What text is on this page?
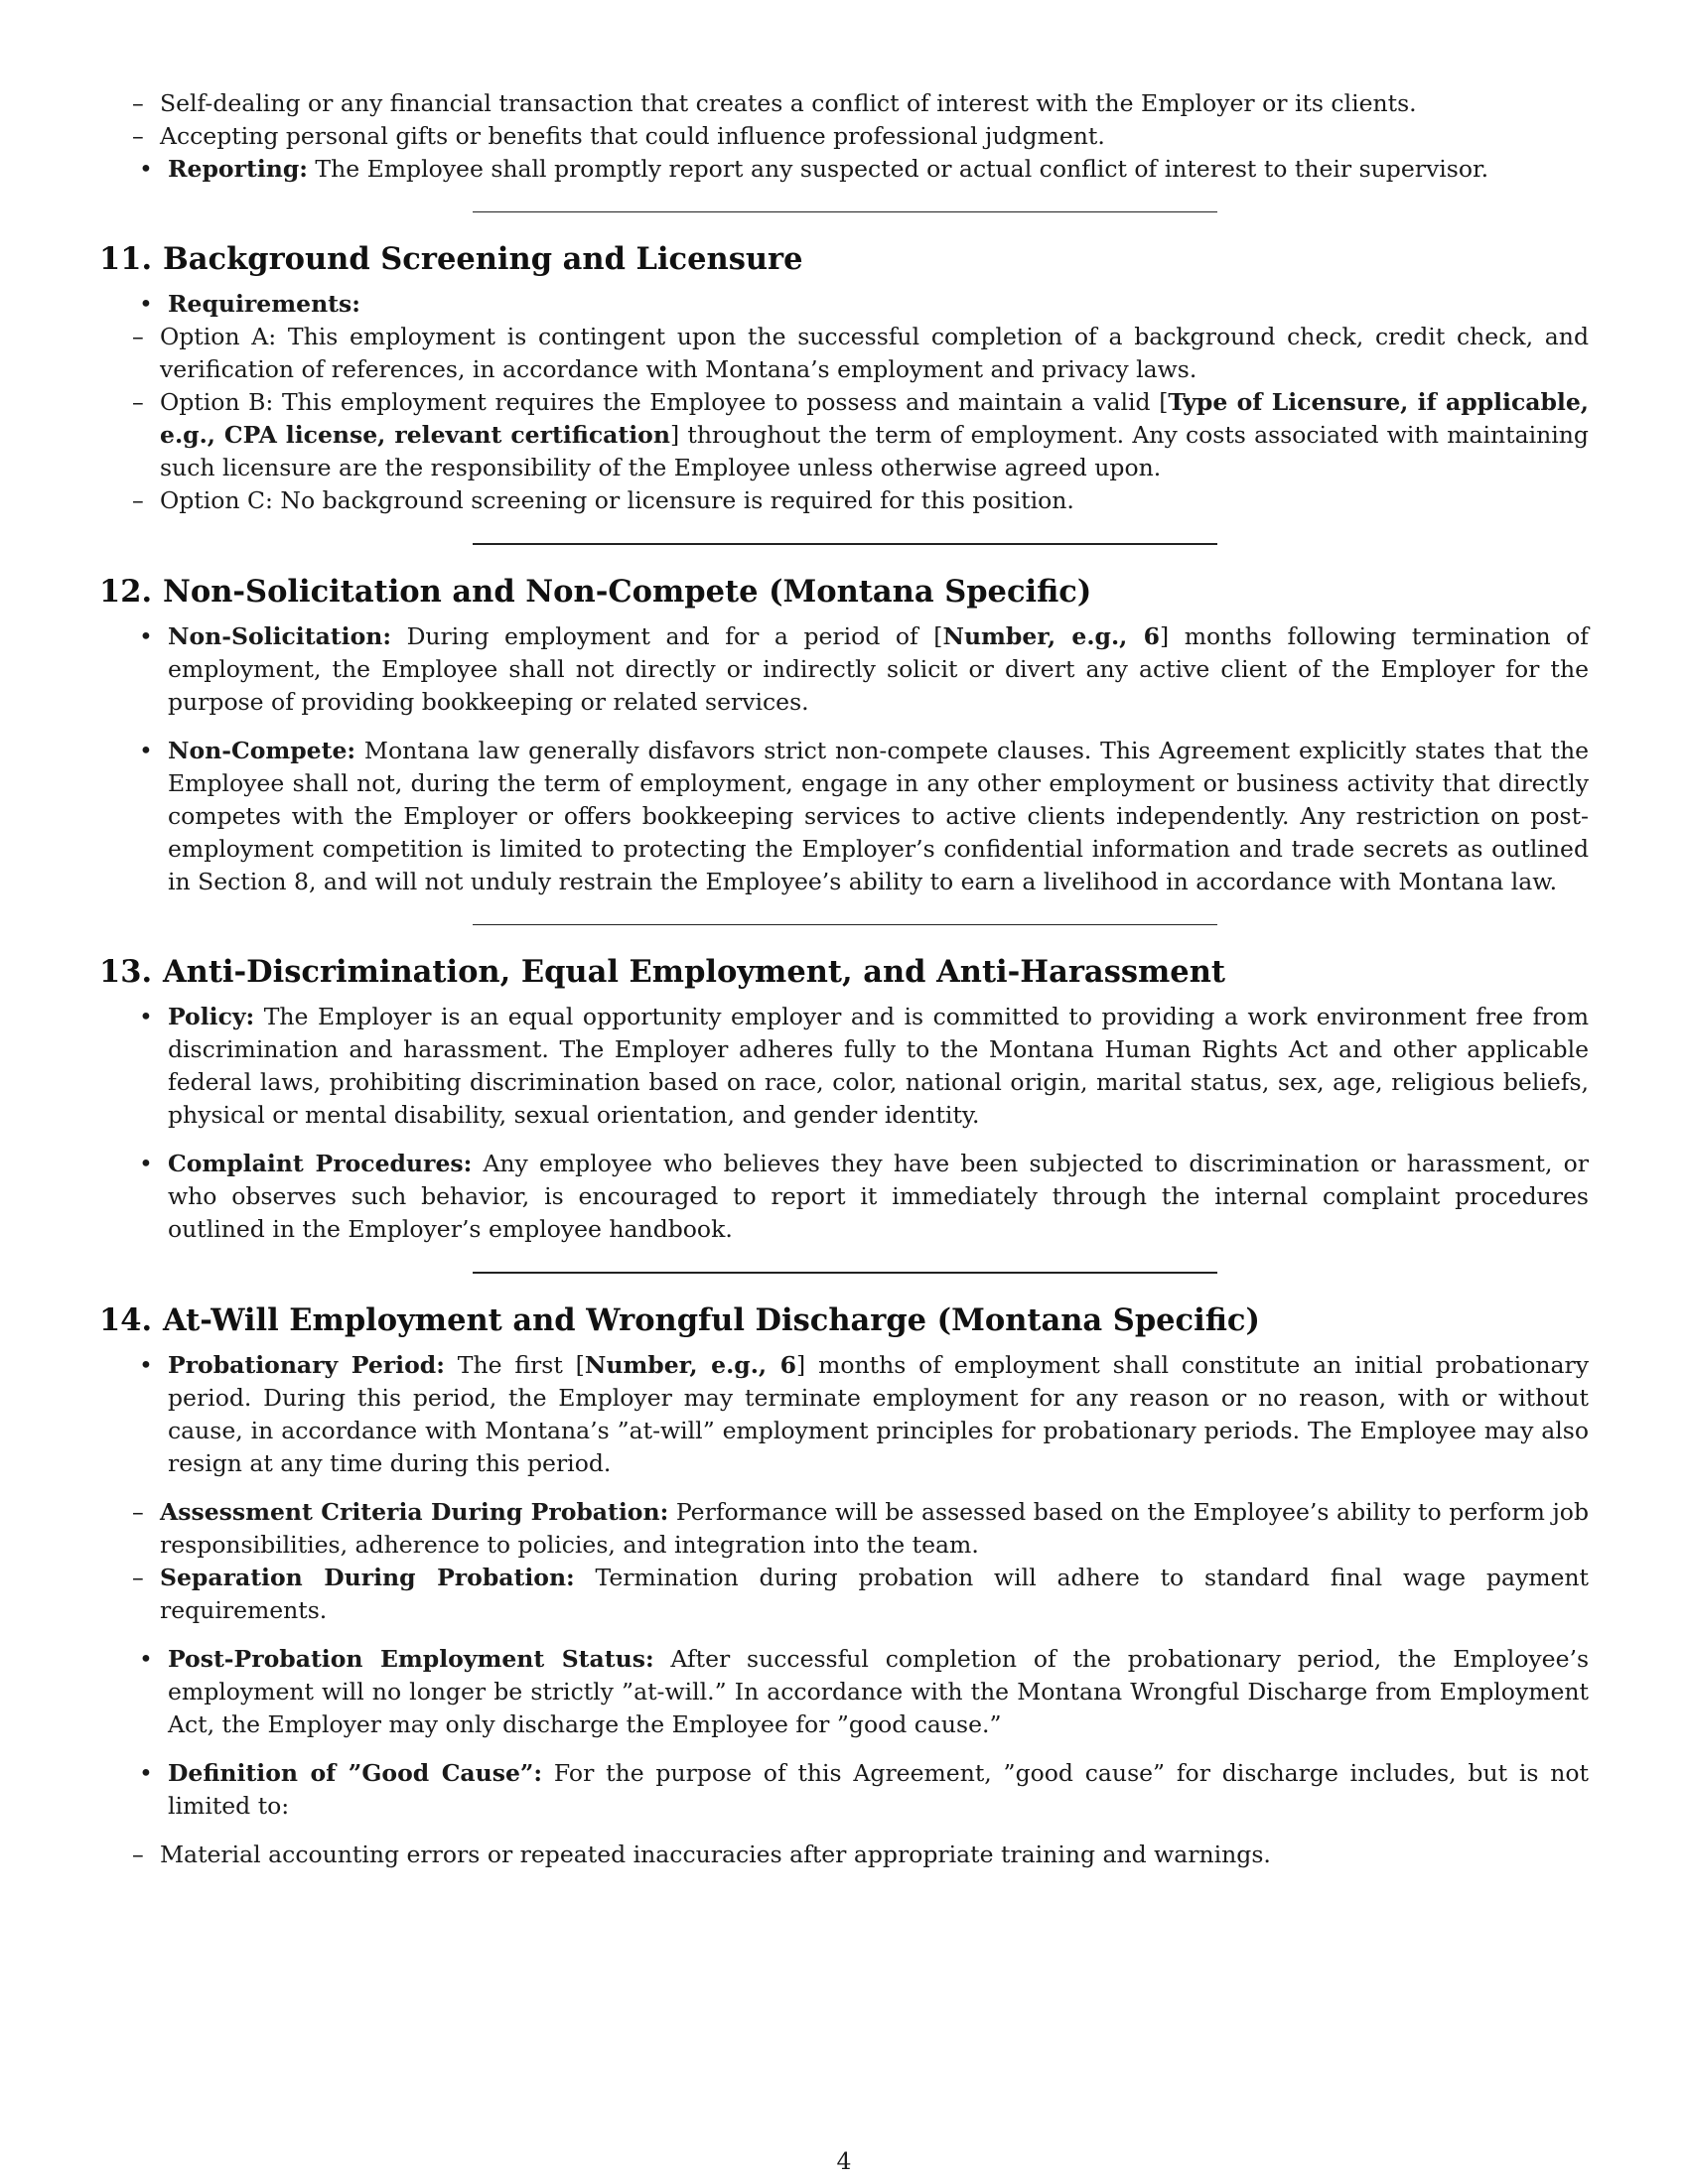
– Self-dealing or any financial transaction that creates a conflict of interest with the Employer or its clients.
– Accepting personal gifts or benefits that could influence professional judgment.
• Reporting: The Employee shall promptly report any suspected or actual conflict of interest to their supervisor.
11. Background Screening and Licensure
• Requirements:
– Option A: This employment is contingent upon the successful completion of a background check, credit check, and verification of references, in accordance with Montana’s employment and privacy laws.
– Option B: This employment requires the Employee to possess and maintain a valid [Type of Licensure, if applicable, e.g., CPA license, relevant certification] throughout the term of employment. Any costs associated with maintaining such licensure are the responsibility of the Employee unless otherwise agreed upon.
– Option C: No background screening or licensure is required for this position.
12. Non-Solicitation and Non-Compete (Montana Specific)
• Non-Solicitation: During employment and for a period of [Number, e.g., 6] months following termination of employment, the Employee shall not directly or indirectly solicit or divert any active client of the Employer for the purpose of providing bookkeeping or related services.
• Non-Compete: Montana law generally disfavors strict non-compete clauses. This Agreement explicitly states that the Employee shall not, during the term of employment, engage in any other employment or business activity that directly competes with the Employer or offers bookkeeping services to active clients independently. Any restriction on post-employment competition is limited to protecting the Employer’s confidential information and trade secrets as outlined in Section 8, and will not unduly restrain the Employee’s ability to earn a livelihood in accordance with Montana law.
13. Anti-Discrimination, Equal Employment, and Anti-Harassment
• Policy: The Employer is an equal opportunity employer and is committed to providing a work environment free from discrimination and harassment. The Employer adheres fully to the Montana Human Rights Act and other applicable federal laws, prohibiting discrimination based on race, color, national origin, marital status, sex, age, religious beliefs, physical or mental disability, sexual orientation, and gender identity.
• Complaint Procedures: Any employee who believes they have been subjected to discrimination or harassment, or who observes such behavior, is encouraged to report it immediately through the internal complaint procedures outlined in the Employer’s employee handbook.
14. At-Will Employment and Wrongful Discharge (Montana Specific)
• Probationary Period: The first [Number, e.g., 6] months of employment shall constitute an initial probationary period. During this period, the Employer may terminate employment for any reason or no reason, with or without cause, in accordance with Montana’s ”at-will” employment principles for probationary periods. The Employee may also resign at any time during this period.
– Assessment Criteria During Probation: Performance will be assessed based on the Employee’s ability to perform job responsibilities, adherence to policies, and integration into the team.
– Separation During Probation: Termination during probation will adhere to standard final wage payment requirements.
• Post-Probation Employment Status: After successful completion of the probationary period, the Employee’s employment will no longer be strictly ”at-will.” In accordance with the Montana Wrongful Discharge from Employment Act, the Employer may only discharge the Employee for ”good cause.”
• Definition of ”Good Cause”: For the purpose of this Agreement, ”good cause” for discharge includes, but is not limited to:
– Material accounting errors or repeated inaccuracies after appropriate training and warnings.
4
